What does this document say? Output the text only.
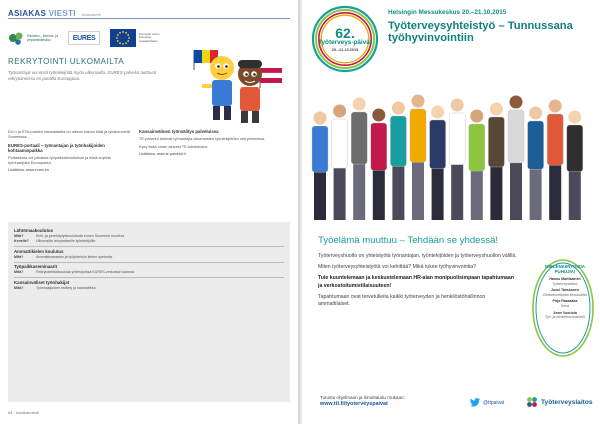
ASIAKAS VIESTI Asiakaslehti
Elinkeino-, liikenne- ja
ympäristökeskus	EURES
Euroopan unioni Euroopan sosiaalirahasto
REKRYTOINTI ULKOMAILTA
Työnantajat voi etsiä työntekijöitä myös ulkomailta. EURES-palvelut auttavat rekrytoinnissa eri puolilta Eurooppaa.

EU:n ja ETA-maiden kansalaisilla on oikeus hakea töitä ja työskennellä Suomessa.

EURES-portaali – työnantajan ja työnhakijoiden kohtaamispaikka

Portaalissa voi julkaista työpaikkailmoituksia ja etsiä sopivia työnhakijoita Euroopasta.

Lisätietoa: www.eures.eu

Kansainvälinen työnvälitys palveluissa

TE-palvelut tukevat työnantajia ulkomaisten työntekijöiden rekrytoinnissa.

Kysy lisää oman alueesi TE-toimistosta.

Lisätietoa: www.te-palvelut.fi

Lähtömaakoulutus
Mitä?	Kieli- ja perehdytyskoulutusta ennen Suomeen muuttoa.
Kenelle?	Ulkomailta rekrytoitaville työntekijöille.
Ammattikielen koulutus
Mitä?	Ammattisanaston ja työyhteisön kielen opetusta.
Työpaikkaseminaarit
Mitä?	Rekrytointitilaisuuksia yhteistyössä EURES-verkoston kanssa.
Kansainväliset työnhakijat
Mitä?	Työnhakijoiden esittely ja haastattelut.
64 · Asiakasviesti
62.
Työterveys-päivät
20.–21.10.2015
Helsingin Messukeskus 20.–21.10.2015
Työterveysyhteistyö – Tunnussana työhyvinvointiin
Työelämä muuttuu – Tehdään se yhdessä!

Työterveyshuolto on yhteistyötä työnantajan, työntekijöiden ja työterveyshuollon välillä.

Miten työterveysyhteistyötä voi kehittää? Mikä tukee työhyvinvointia?

Tule kuuntelemaan ja keskustelemaan HR-alan monipuolisimpaan tapahtumaan ja verkostoitumistilaisuuteen!

Tapahtumaan ovat tervetulleita kaikki työterveyden ja henkilöstöhallinnon ammattilaiset.

MIELENKIINTOISIA PUHUJIA!
Hannu Martikainen
Työterveyslaitos
Jussi Tanskanen
Elinkeinoelämän keskusliitto
Pirjo Raasakka
Keva
Anne Vuoriola
Työ- ja elinkeinoministeriö
Tutustu ohjelmaan ja ilmoittaudu mukaan:
www.ttl.fi/tyoterveyspaivat	@ttpaivat	Työterveyslaitos
